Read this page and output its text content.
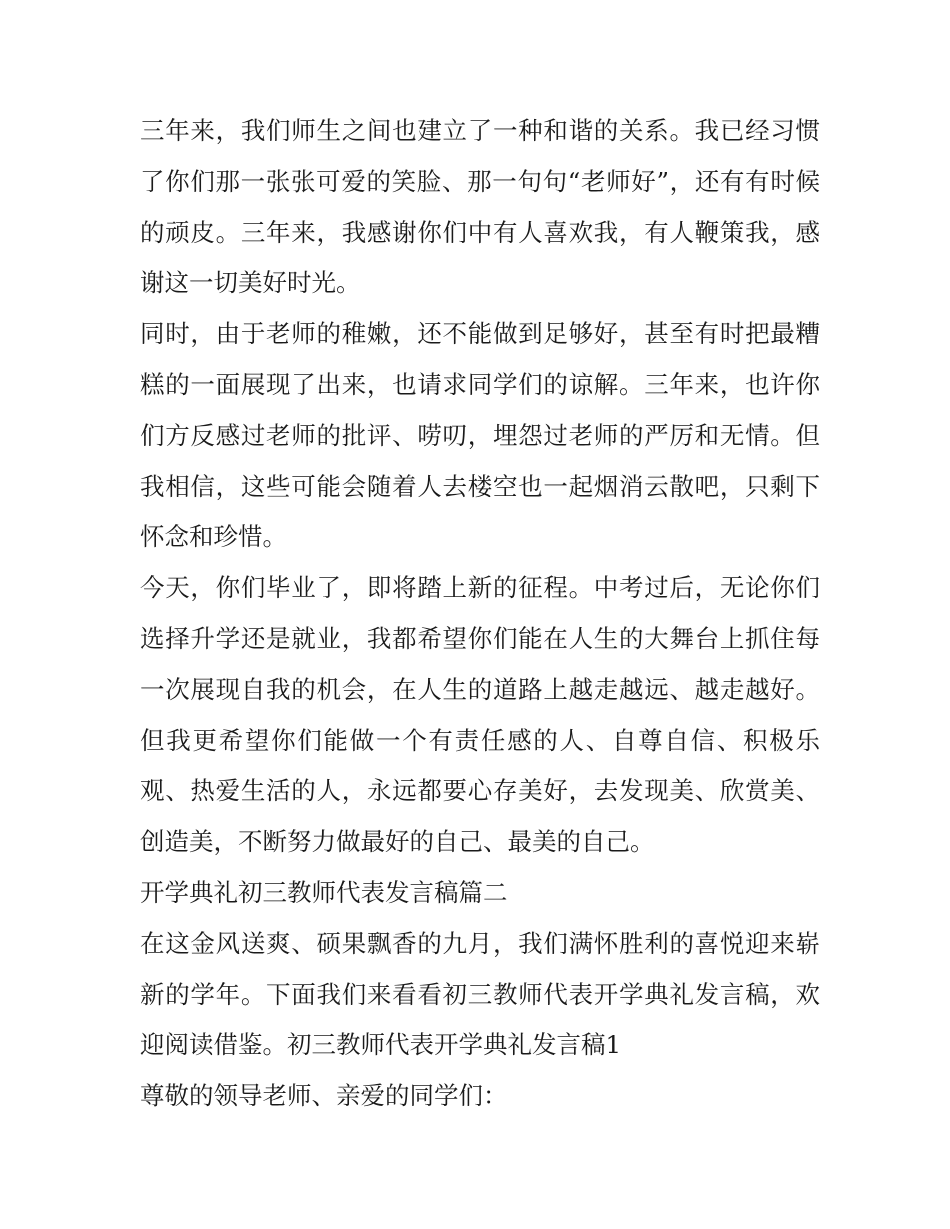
三年来，我们师生之间也建立了一种和谐的关系。我已经习惯了你们那一张张可爱的笑脸、那一句句“老师好”，还有有时候的顽皮。三年来，我感谢你们中有人喜欢我，有人鞭策我，感谢这一切美好时光。

同时，由于老师的稚嫩，还不能做到足够好，甚至有时把最糟糕的一面展现了出来，也请求同学们的谅解。三年来，也许你们方反感过老师的批评、唠叨，埋怨过老师的严厉和无情。但我相信，这些可能会随着人去楼空也一起烟消云散吧，只剩下怀念和珍惜。

今天，你们毕业了，即将踏上新的征程。中考过后，无论你们选择升学还是就业，我都希望你们能在人生的大舞台上抓住每一次展现自我的机会，在人生的道路上越走越远、越走越好。但我更希望你们能做一个有责任感的人、自尊自信、积极乐观、热爱生活的人，永远都要心存美好，去发现美、欣赏美、创造美，不断努力做最好的自己、最美的自己。

开学典礼初三教师代表发言稿篇二

在这金风送爽、硕果飘香的九月，我们满怀胜利的喜悦迎来崭新的学年。下面我们来看看初三教师代表开学典礼发言稿，欢迎阅读借鉴。初三教师代表开学典礼发言稿1

尊敬的领导老师、亲爱的同学们：
